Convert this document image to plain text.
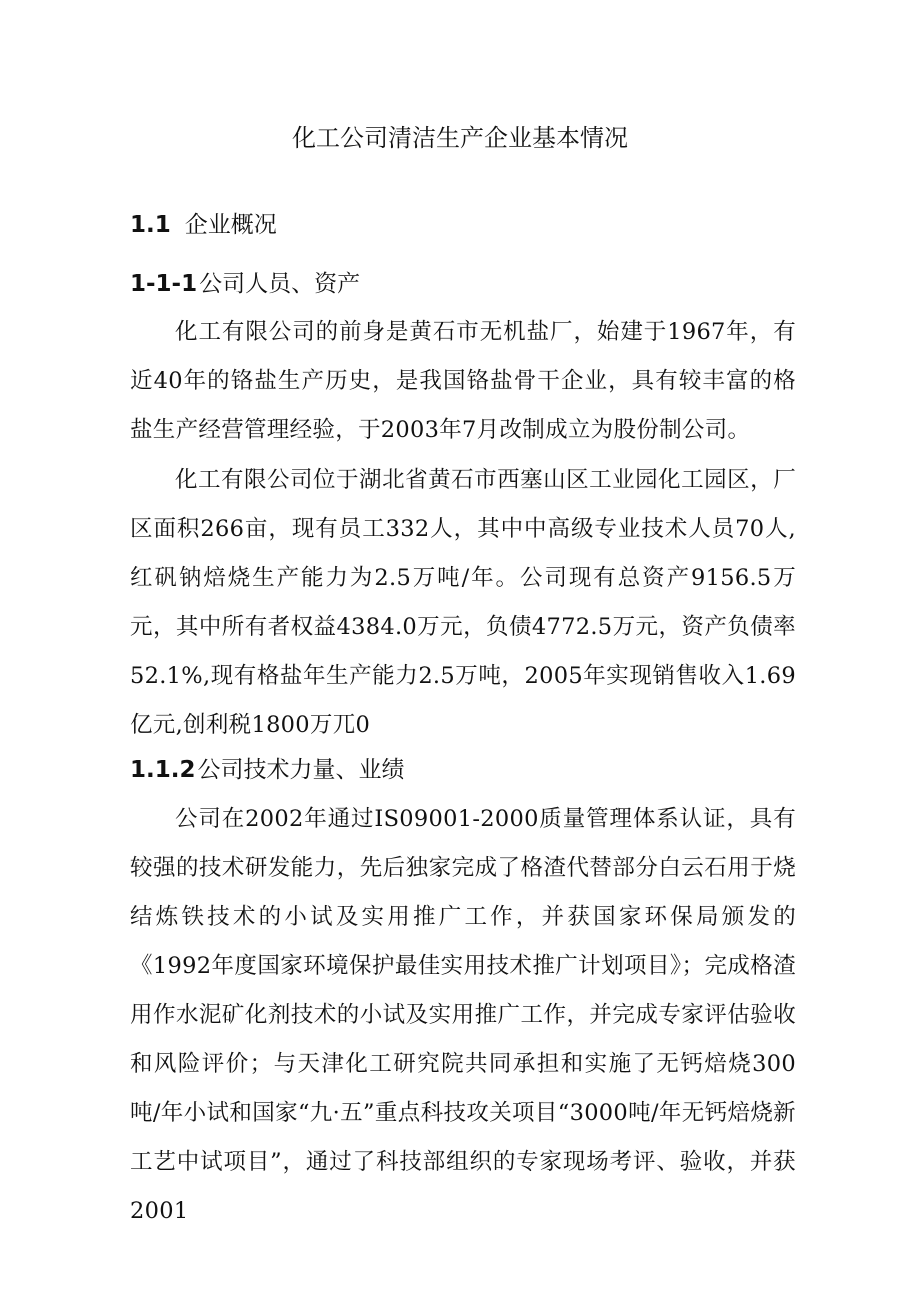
化工公司清洁生产企业基本情况
1.1 企业概况
1-1-1公司人员、资产

化工有限公司的前身是黄石市无机盐厂，始建于1967年，有近40年的铬盐生产历史，是我国铬盐骨干企业，具有较丰富的格盐生产经营管理经验，于2003年7月改制成立为股份制公司。

化工有限公司位于湖北省黄石市西塞山区工业园化工园区，厂区面积266亩，现有员工332人，其中中高级专业技术人员70人,红矾钠焙烧生产能力为2.5万吨/年。公司现有总资产9156.5万元，其中所有者权益4384.0万元，负债4772.5万元，资产负债率52.1%,现有格盐年生产能力2.5万吨，2005年实现销售收入1.69亿元,创利税1800万兀0

1.1.2公司技术力量、业绩

公司在2002年通过IS09001-2000质量管理体系认证，具有较强的技术研发能力，先后独家完成了格渣代替部分白云石用于烧结炼铁技术的小试及实用推广工作，并获国家环保局颁发的《1992年度国家环境保护最佳实用技术推广计划项目》；完成格渣用作水泥矿化剂技术的小试及实用推广工作，并完成专家评估验收和风险评价；与天津化工研究院共同承担和实施了无钙焙烧300吨/年小试和国家“九·五”重点科技攻关项目“3000吨/年无钙焙烧新工艺中试项目”，通过了科技部组织的专家现场考评、验收，并获2001
